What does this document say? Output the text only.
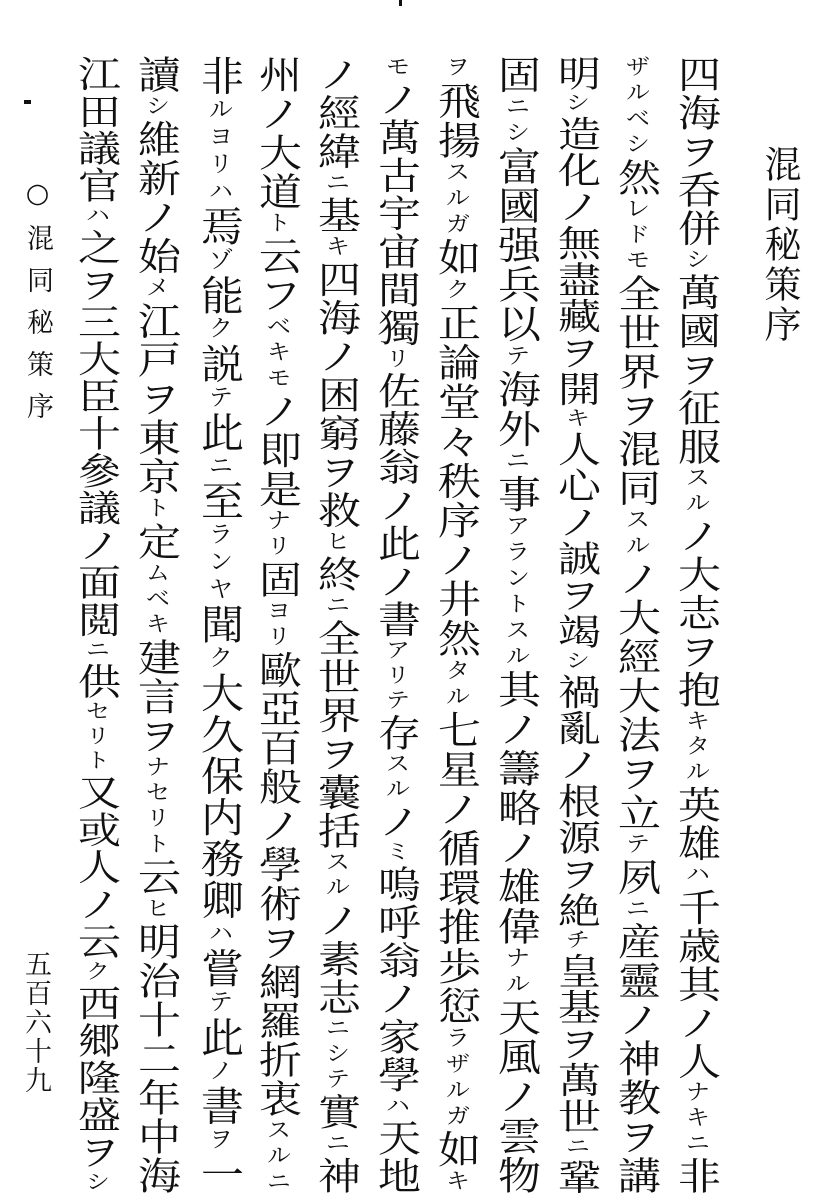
混同秘策序
四海ヲ呑併シ萬國ヲ征服スルノ大志ヲ抱キタル英雄ハ千歳其ノ人ナキニ非
ザルベシ然レドモ全世界ヲ混同スルノ大經大法ヲ立テ夙ニ産靈ノ神教ヲ講
明シ造化ノ無盡藏ヲ開キ人心ノ誠ヲ竭シ禍亂ノ根源ヲ絶チ皇基ヲ萬世ニ鞏
固ニシ富國强兵以テ海外ニ事アラントスル其ノ籌略ノ雄偉ナル天風ノ雲物
ヲ飛揚スルガ如ク正論堂々秩序ノ井然タル七星ノ循環推歩愆ラザルガ如キ
モノ萬古宇宙間獨リ佐藤翁ノ此ノ書アリテ存スルノミ嗚呼翁ノ家學ハ天地
ノ經緯ニ基キ四海ノ困窮ヲ救ヒ終ニ全世界ヲ囊括スルノ素志ニシテ實ニ神
州ノ大道ト云フベキモノ即是ナリ固ヨリ歐亞百般ノ學術ヲ網羅折衷スルニ
非ルヨリハ焉ゾ能ク説テ此ニ至ランヤ聞ク大久保内務卿ハ嘗テ此ノ書ヲ一
讀シ維新ノ始メ江戸ヲ東京ト定ムベキ建言ヲナセリト云ヒ明治十二年中海
江田議官ハ之ヲ三大臣十參議ノ面閲ニ供セリト又或人ノ云ク西郷隆盛ヲシ
○混同秘策序
五百六十九
